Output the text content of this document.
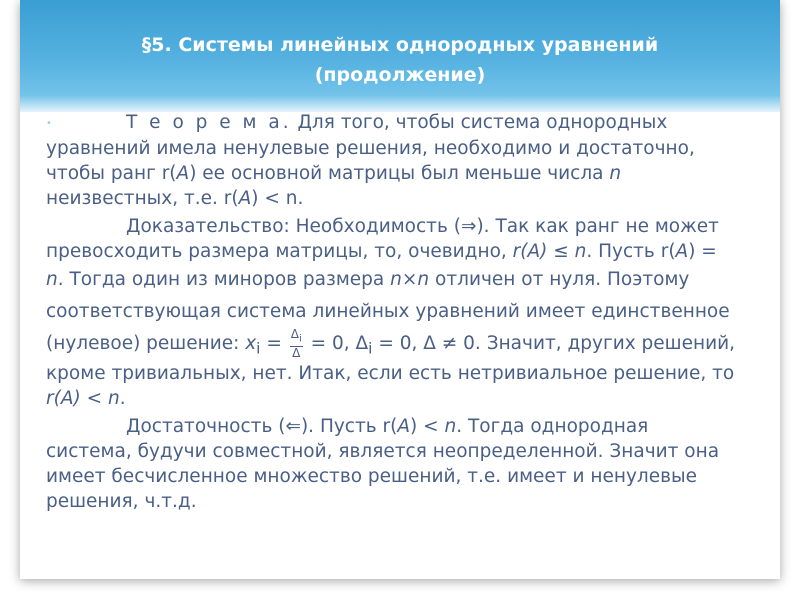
§5. Системы линейных однородных уравнений
(продолжение)

•	Т е о р е м а. Для того, чтобы система однородных уравнений имела ненулевые решения, необходимо и достаточно, чтобы ранг r(A) ее основной матрицы был меньше числа n неизвестных, т.е. r(A) < n.

Доказательство: Необходимость (⇒). Так как ранг не может превосходить размера матрицы, то, очевидно, r(A) ≤ n. Пусть r(A) = n. Тогда один из миноров размера n×n отличен от нуля. Поэтому соответствующая система линейных уравнений имеет единственное (нулевое) решение: $x_i = \frac{\Delta_i}{\Delta} = 0$, $\Delta_i = 0$, Δ ≠ 0. Значит, других решений, кроме тривиальных, нет. Итак, если есть нетривиальное решение, то r(A) < n.

Достаточность (⇐). Пусть r(A) < n. Тогда однородная система, будучи совместной, является неопределенной. Значит она имеет бесчисленное множество решений, т.е. имеет и ненулевые решения, ч.т.д.
